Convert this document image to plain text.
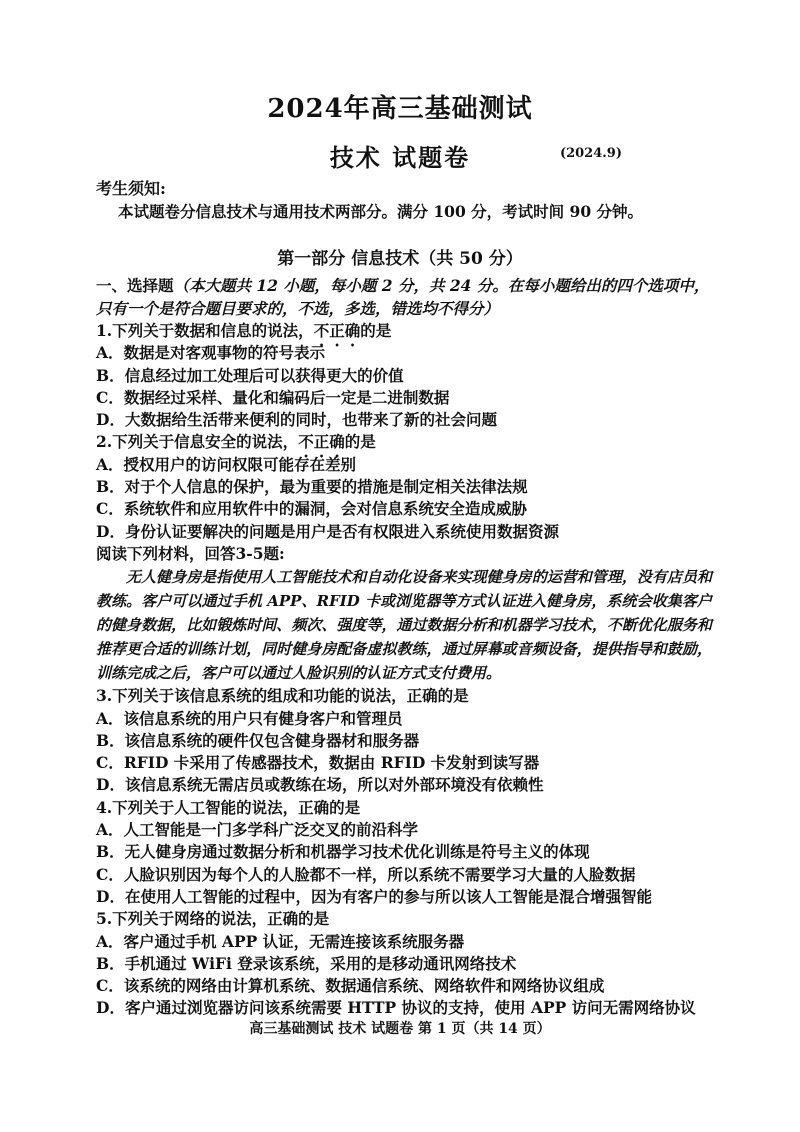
2024年高三基础测试
技术 试题卷	(2024.9)
考生须知:
本试题卷分信息技术与通用技术两部分。满分 100 分，考试时间 90 分钟。
第一部分 信息技术（共 50 分）
一、选择题（本大题共 12 小题，每小题 2 分，共 24 分。在每小题给出的四个选项中，只有一个是符合题目要求的，不选，多选，错选均不得分）
1.下列关于数据和信息的说法，不正确的是
A．数据是对客观事物的符号表示
B．信息经过加工处理后可以获得更大的价值
C．数据经过采样、量化和编码后一定是二进制数据
D．大数据给生活带来便利的同时，也带来了新的社会问题
2.下列关于信息安全的说法，不正确的是
A．授权用户的访问权限可能存在差别
B．对于个人信息的保护，最为重要的措施是制定相关法律法规
C．系统软件和应用软件中的漏洞，会对信息系统安全造成威胁
D．身份认证要解决的问题是用户是否有权限进入系统使用数据资源
阅读下列材料，回答3-5题:

无人健身房是指使用人工智能技术和自动化设备来实现健身房的运营和管理，没有店员和教练。客户可以通过手机 APP、RFID 卡或浏览器等方式认证进入健身房，系统会收集客户的健身数据，比如锻炼时间、频次、强度等，通过数据分析和机器学习技术，不断优化服务和推荐更合适的训练计划，同时健身房配备虚拟教练，通过屏幕或音频设备，提供指导和鼓励，训练完成之后，客户可以通过人脸识别的认证方式支付费用。

3.下列关于该信息系统的组成和功能的说法，正确的是
A．该信息系统的用户只有健身客户和管理员
B．该信息系统的硬件仅包含健身器材和服务器
C．RFID 卡采用了传感器技术，数据由 RFID 卡发射到读写器
D．该信息系统无需店员或教练在场，所以对外部环境没有依赖性
4.下列关于人工智能的说法，正确的是
A．人工智能是一门多学科广泛交叉的前沿科学
B．无人健身房通过数据分析和机器学习技术优化训练是符号主义的体现
C．人脸识别因为每个人的人脸都不一样，所以系统不需要学习大量的人脸数据
D．在使用人工智能的过程中，因为有客户的参与所以该人工智能是混合增强智能
5.下列关于网络的说法，正确的是
A．客户通过手机 APP 认证，无需连接该系统服务器
B．手机通过 WiFi 登录该系统，采用的是移动通讯网络技术
C．该系统的网络由计算机系统、数据通信系统、网络软件和网络协议组成
D．客户通过浏览器访问该系统需要 HTTP 协议的支持，使用 APP 访问无需网络协议
高三基础测试 技术 试题卷 第 1 页（共 14 页）
